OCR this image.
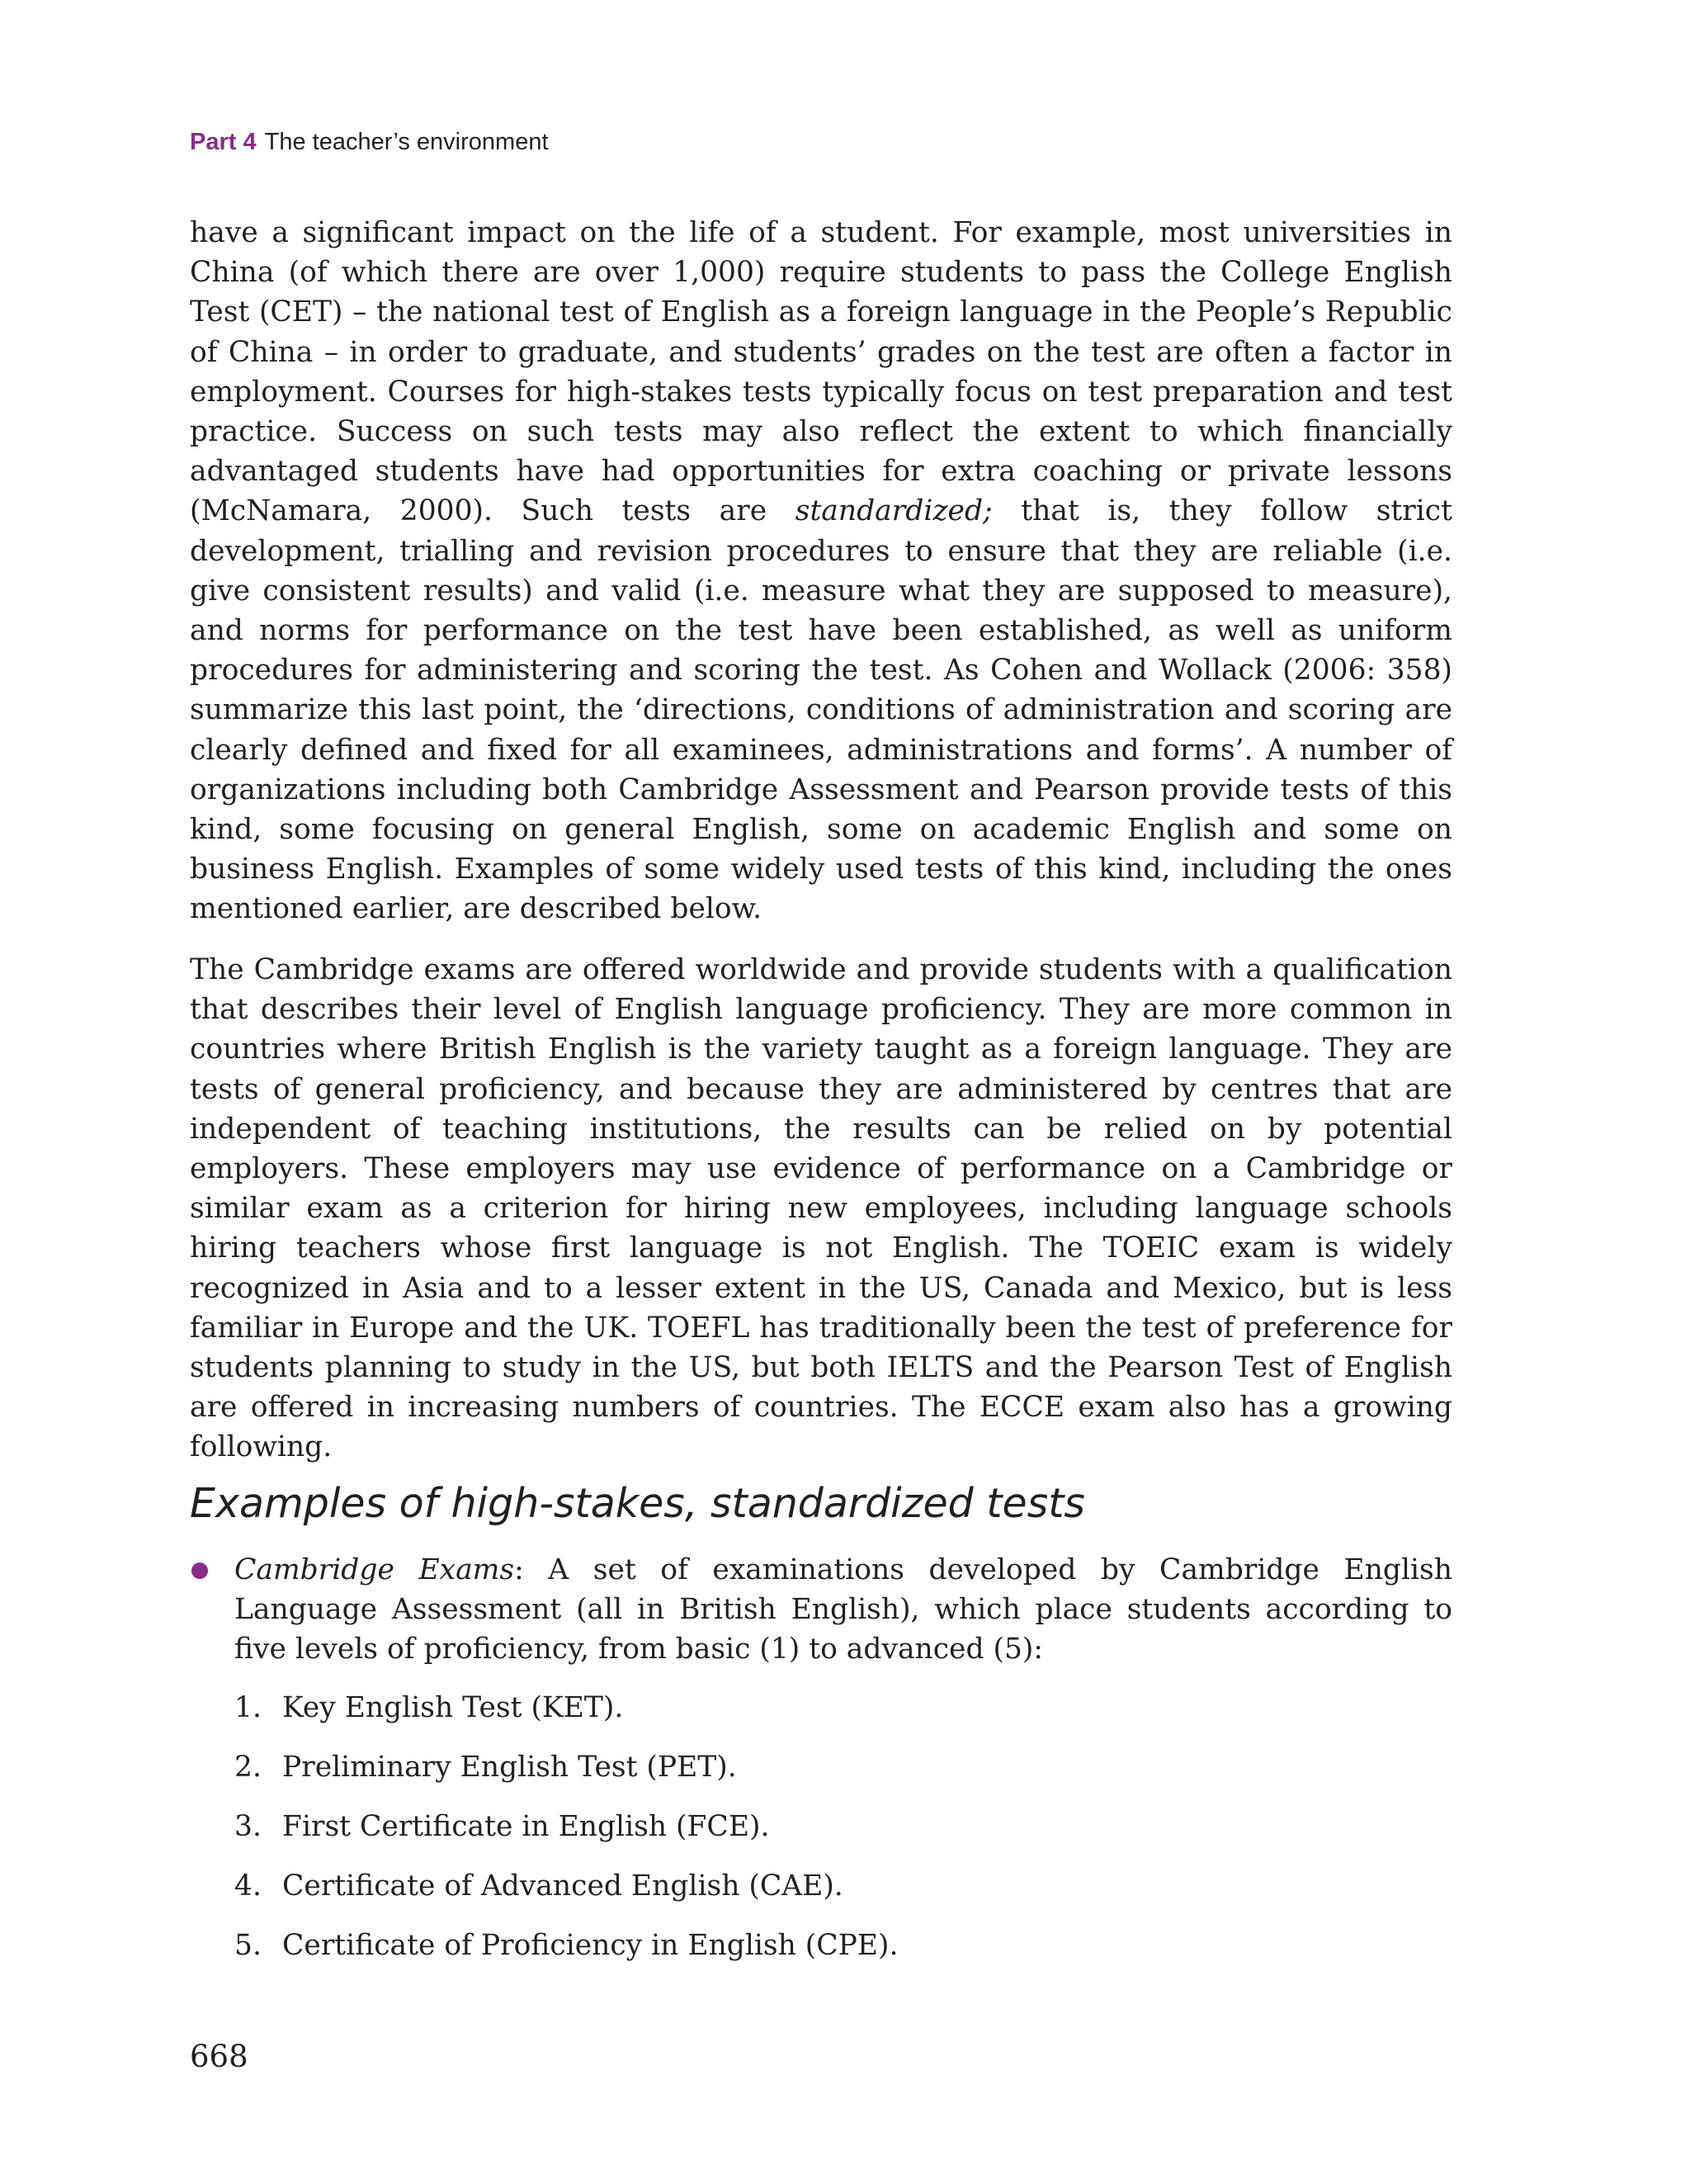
Part 4 The teacher’s environment

have a significant impact on the life of a student. For example, most universities in China (of which there are over 1,000) require students to pass the College English Test (CET) – the national test of English as a foreign language in the People’s Republic of China – in order to graduate, and students’ grades on the test are often a factor in employment. Courses for high-stakes tests typically focus on test preparation and test practice. Success on such tests may also reflect the extent to which financially advantaged students have had opportunities for extra coaching or private lessons (McNamara, 2000). Such tests are standardized; that is, they follow strict development, trialling and revision procedures to ensure that they are reliable (i.e. give consistent results) and valid (i.e. measure what they are supposed to measure), and norms for performance on the test have been established, as well as uniform procedures for administering and scoring the test. As Cohen and Wollack (2006: 358) summarize this last point, the ‘directions, conditions of administration and scoring are clearly defined and fixed for all examinees, administrations and forms’. A number of organizations including both Cambridge Assessment and Pearson provide tests of this kind, some focusing on general English, some on academic English and some on business English. Examples of some widely used tests of this kind, including the ones mentioned earlier, are described below.

The Cambridge exams are offered worldwide and provide students with a qualification that describes their level of English language proficiency. They are more common in countries where British English is the variety taught as a foreign language. They are tests of general proficiency, and because they are administered by centres that are independent of teaching institutions, the results can be relied on by potential employers. These employers may use evidence of performance on a Cambridge or similar exam as a criterion for hiring new employees, including language schools hiring teachers whose first language is not English. The TOEIC exam is widely recognized in Asia and to a lesser extent in the US, Canada and Mexico, but is less familiar in Europe and the UK. TOEFL has traditionally been the test of preference for students planning to study in the US, but both IELTS and the Pearson Test of English are offered in increasing numbers of countries. The ECCE exam also has a growing following.

Examples of high-stakes, standardized tests
Cambridge Exams: A set of examinations developed by Cambridge English Language Assessment (all in British English), which place students according to five levels of proficiency, from basic (1) to advanced (5):
1. Key English Test (KET).
2. Preliminary English Test (PET).
3. First Certificate in English (FCE).
4. Certificate of Advanced English (CAE).
5. Certificate of Proficiency in English (CPE).
668
